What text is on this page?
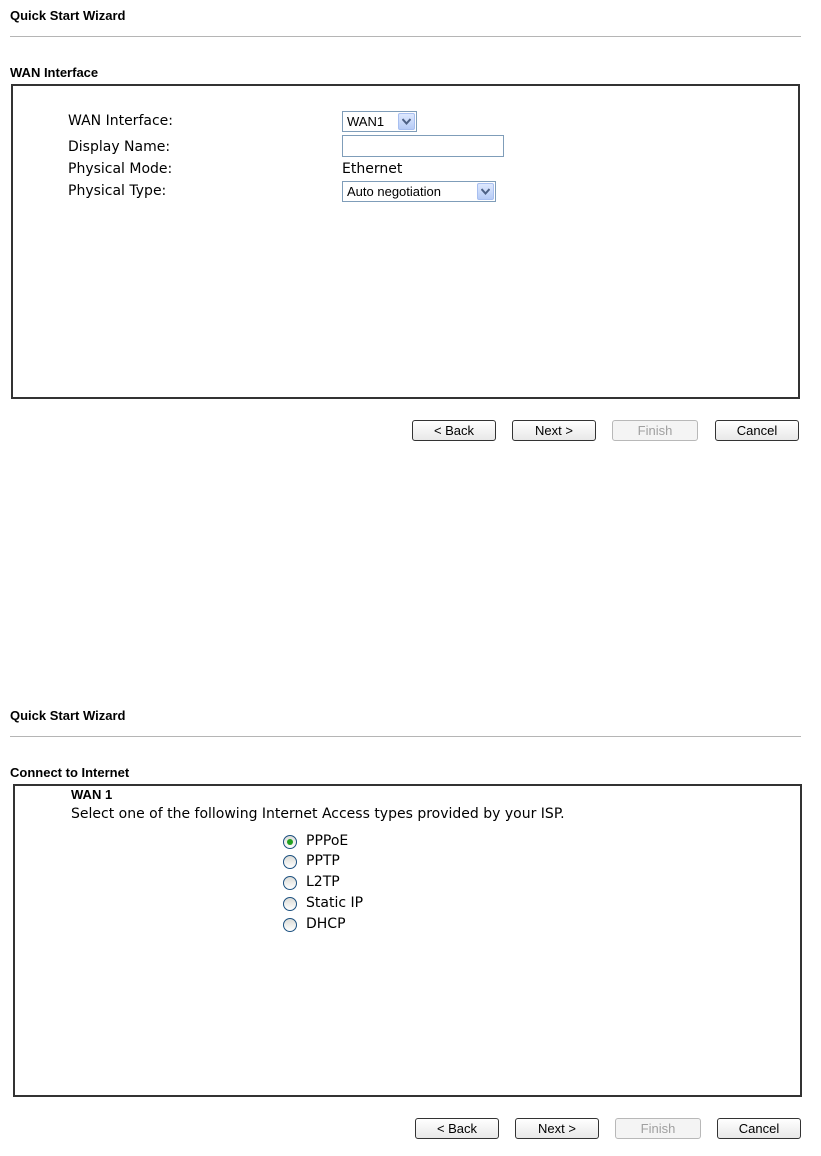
Quick Start Wizard
WAN Interface
WAN Interface:	WAN1
Display Name:
Physical Mode:	Ethernet
Physical Type:	Auto negotiation
< Back	Next >	Finish	Cancel
Quick Start Wizard
Connect to Internet
WAN 1
Select one of the following Internet Access types provided by your ISP.
PPPoE
PPTP
L2TP
Static IP
DHCP
< Back	Next >	Finish	Cancel
